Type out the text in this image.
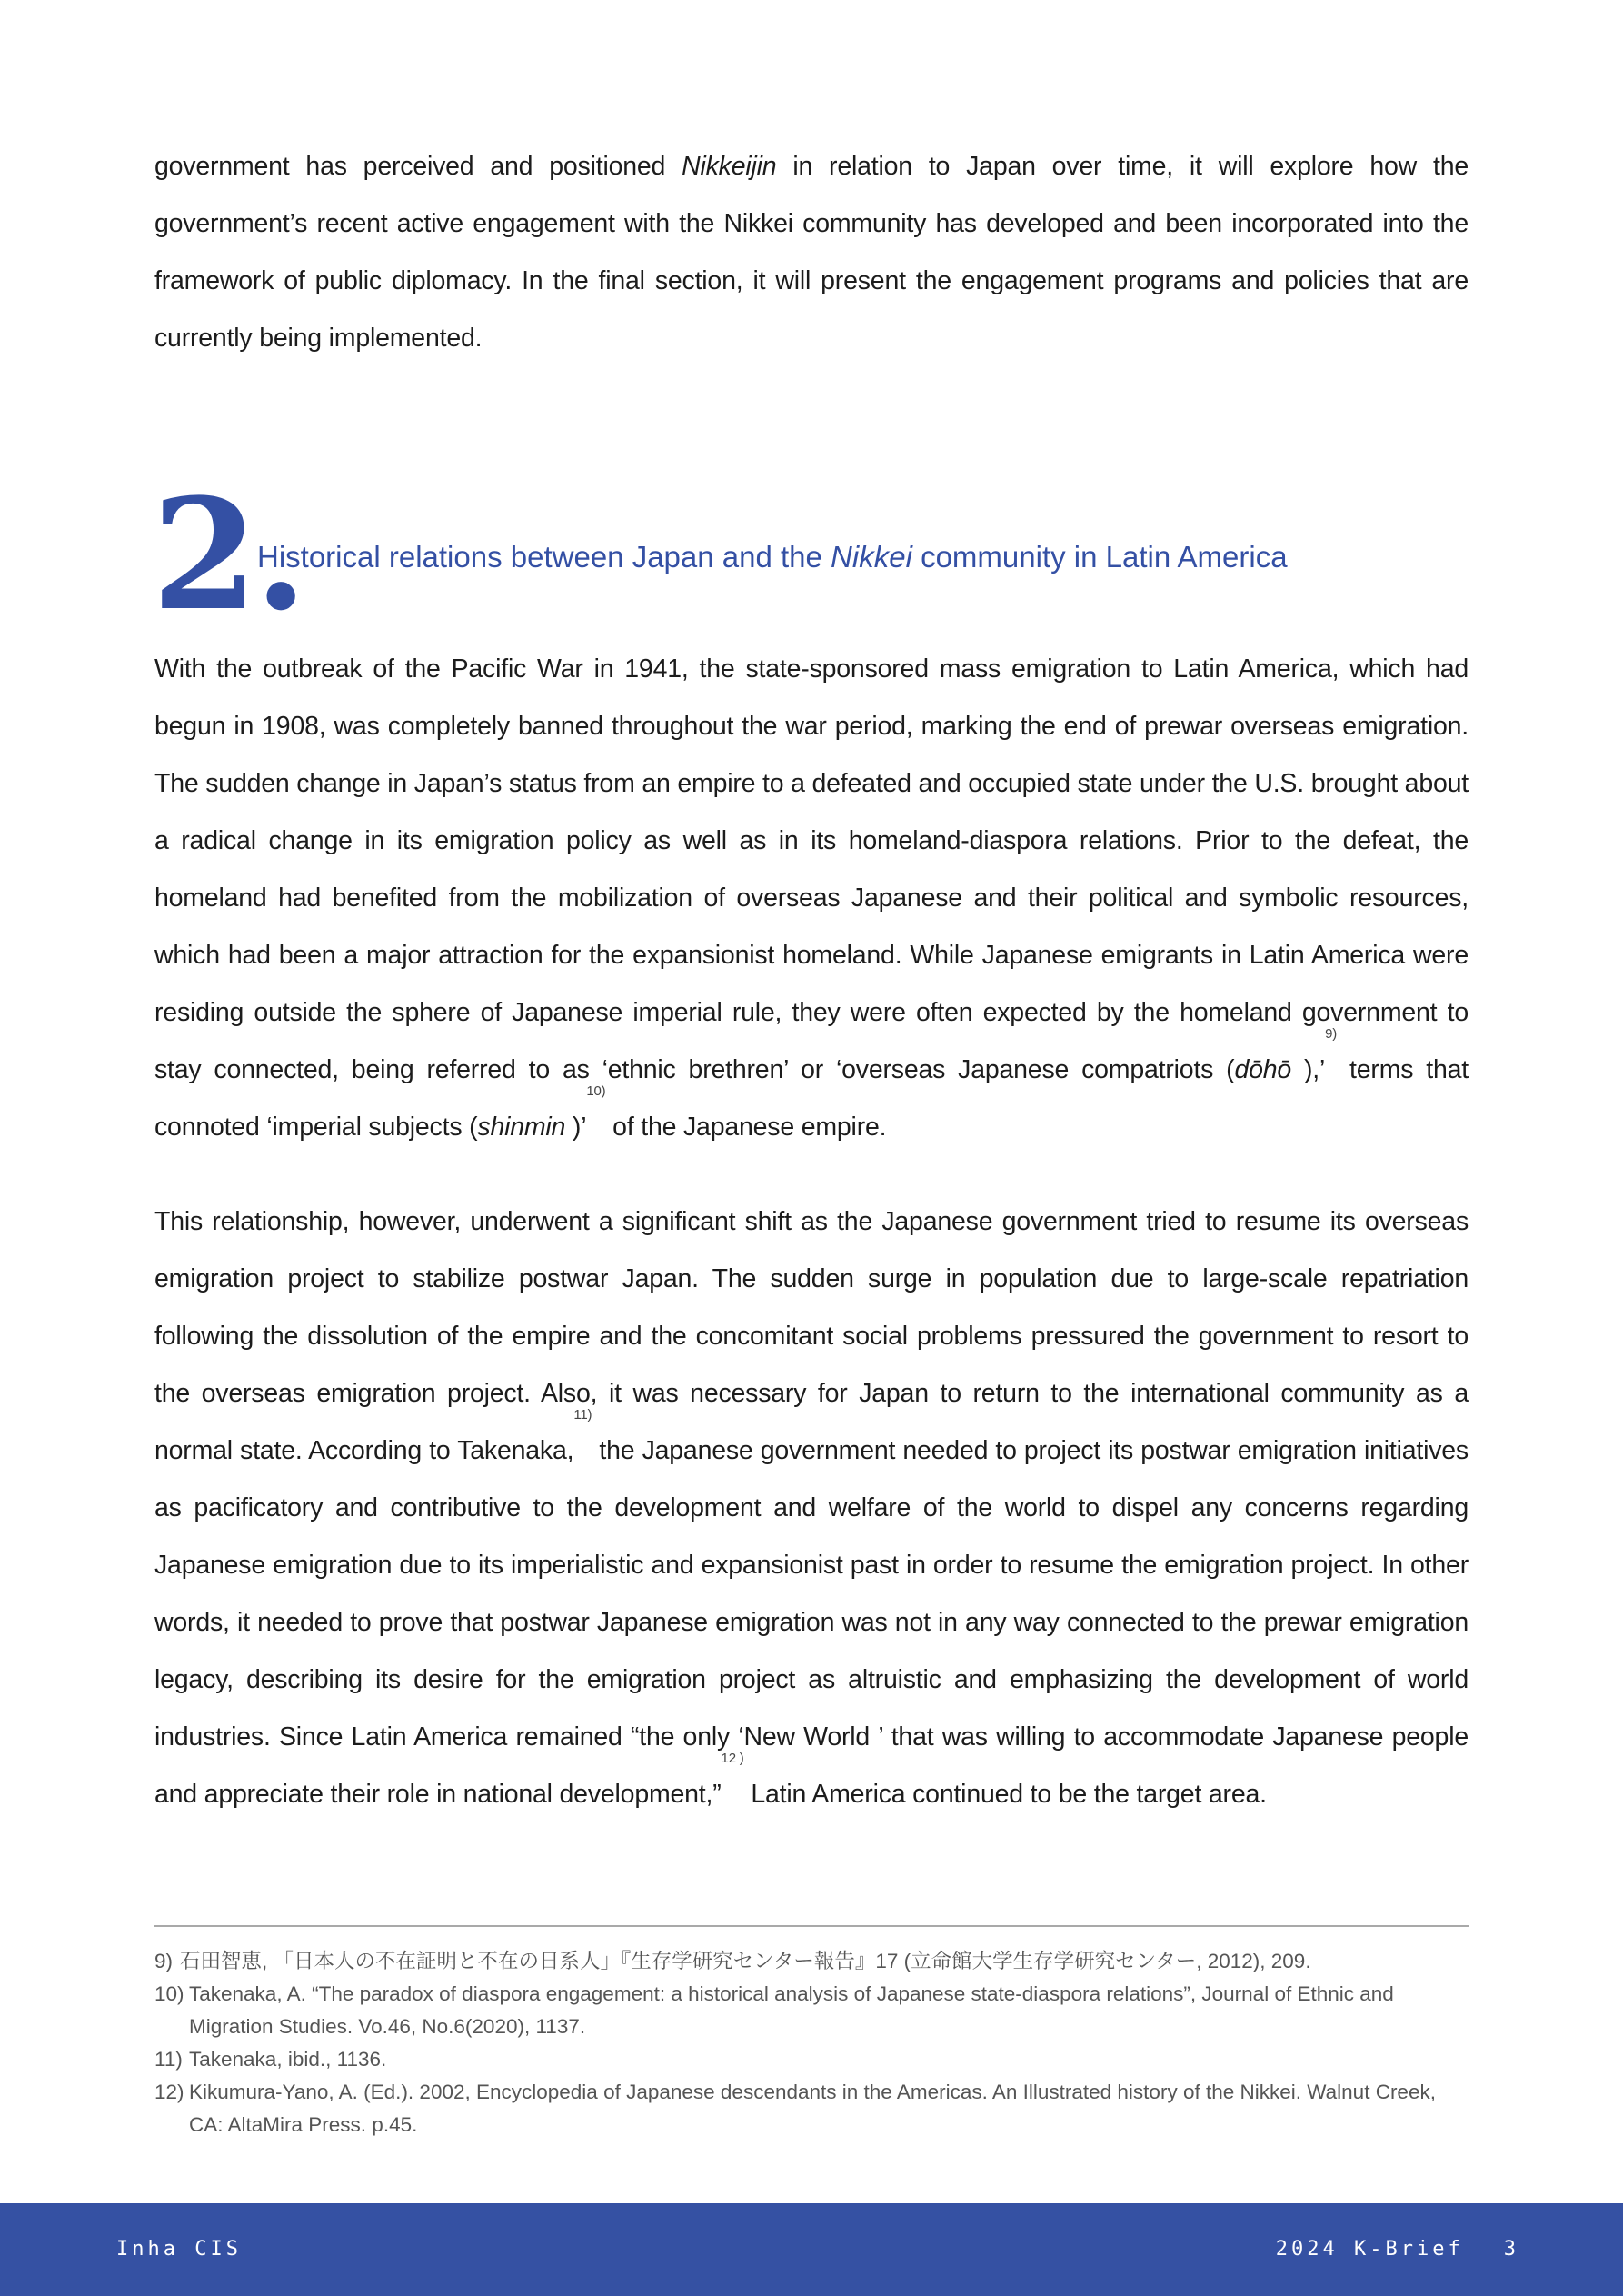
government has perceived and positioned Nikkeijin in relation to Japan over time, it will explore how the government’s recent active engagement with the Nikkei community has developed and been incorporated into the framework of public diplomacy. In the final section, it will present the engagement programs and policies that are currently being implemented.

2.
Historical relations between Japan and the Nikkei community in Latin America

With the outbreak of the Pacific War in 1941, the state-sponsored mass emigration to Latin America, which had begun in 1908, was completely banned throughout the war period, marking the end of prewar overseas emigration. The sudden change in Japan’s status from an empire to a defeated and occupied state under the U.S. brought about a radical change in its emigration policy as well as in its homeland-diaspora relations. Prior to the defeat, the homeland had benefited from the mobilization of overseas Japanese and their political and symbolic resources, which had been a major attraction for the expansionist homeland. While Japanese emigrants in Latin America were residing outside the sphere of Japanese imperial rule, they were often expected by the homeland government to stay connected, being referred to as ‘ethnic brethren’ or ‘overseas Japanese compatriots (dōhō ),’$^{9)}$ terms that connoted ‘imperial subjects (shinmin )’$^{10)}$ of the Japanese empire.

This relationship, however, underwent a significant shift as the Japanese government tried to resume its overseas emigration project to stabilize postwar Japan. The sudden surge in population due to large-scale repatriation following the dissolution of the empire and the concomitant social problems pressured the government to resort to the overseas emigration project. Also, it was necessary for Japan to return to the international community as a normal state. According to Takenaka,$^{11)}$ the Japanese government needed to project its postwar emigration initiatives as pacificatory and contributive to the development and welfare of the world to dispel any concerns regarding Japanese emigration due to its imperialistic and expansionist past in order to resume the emigration project. In other words, it needed to prove that postwar Japanese emigration was not in any way connected to the prewar emigration legacy, describing its desire for the emigration project as altruistic and emphasizing the development of world industries. Since Latin America remained “the only ‘New World ’ that was willing to accommodate Japanese people and appreciate their role in national development,”$^{12 )}$ Latin America continued to be the target area.

9) 石田智恵, 「日本人の不在証明と不在の日系人」『生存学研究センター報告』17 (立命館大学生存学研究センター, 2012), 209.

10) Takenaka, A. “The paradox of diaspora engagement: a historical analysis of Japanese state-diaspora relations”, Journal of Ethnic and Migration Studies. Vo.46, No.6(2020), 1137.

11) Takenaka, ibid., 1136.

12) Kikumura-Yano, A. (Ed.). 2002, Encyclopedia of Japanese descendants in the Americas. An Illustrated history of the Nikkei. Walnut Creek, CA: AltaMira Press. p.45.

Inha CIS	2024 K-Brief 3
